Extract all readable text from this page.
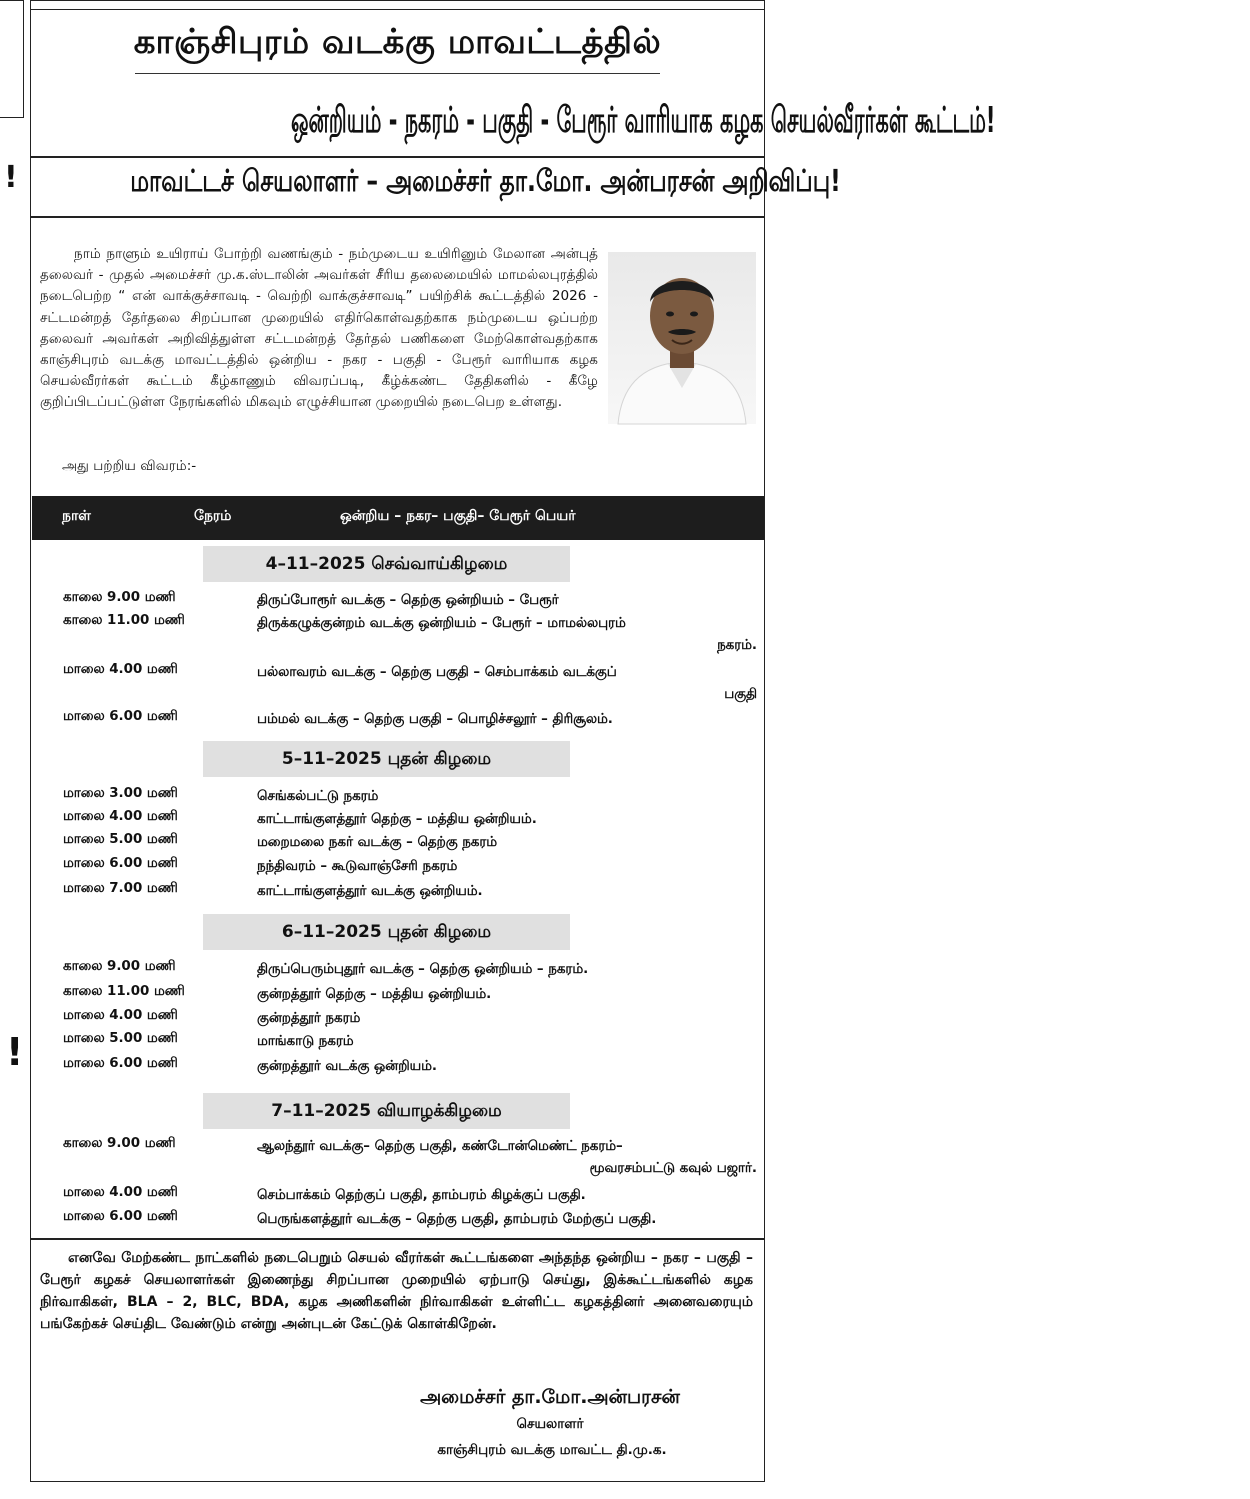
!
!
காஞ்சிபுரம் வடக்கு மாவட்டத்தில்
ஒன்றியம் - நகரம் - பகுதி - பேரூர் வாரியாக கழக செயல்வீரர்கள் கூட்டம்!
மாவட்டச் செயலாளர் – அமைச்சர் தா.மோ. அன்பரசன் அறிவிப்பு!

நாம் நாளும் உயிராய் போற்றி வணங்கும் - நம்முடைய உயிரினும் மேலான அன்புத் தலைவர் - முதல் அமைச்சர் மு.க.ஸ்டாலின் அவர்கள் சீரிய தலைமையில் மாமல்லபுரத்தில் நடைபெற்ற “ என் வாக்குச்சாவடி - வெற்றி வாக்குச்சாவடி” பயிற்சிக் கூட்டத்தில் 2026 - சட்டமன்றத் தேர்தலை சிறப்பான முறையில் எதிர்கொள்வதற்காக நம்முடைய ஒப்பற்ற தலைவர் அவர்கள் அறிவித்துள்ள சட்டமன்றத் தேர்தல் பணிகளை மேற்கொள்வதற்காக காஞ்சிபுரம் வடக்கு மாவட்டத்தில் ஒன்றிய - நகர - பகுதி - பேரூர் வாரியாக கழக செயல்வீரர்கள் கூட்டம் கீழ்காணும் விவரப்படி, கீழ்க்கண்ட தேதிகளில் - கீழே குறிப்பிடப்பட்டுள்ள நேரங்களில் மிகவும் எழுச்சியான முறையில் நடைபெற உள்ளது.

அது பற்றிய விவரம்:-
நாள்	நேரம்	ஒன்றிய – நகர– பகுதி– பேரூர் பெயர்
4–11–2025 செவ்வாய்கிழமை
காலை 9.00 மணி	திருப்போரூர் வடக்கு – தெற்கு ஒன்றியம் – பேரூர்
காலை 11.00 மணி	திருக்கழுக்குன்றம் வடக்கு ஒன்றியம் – பேரூர் – மாமல்லபுரம்
நகரம்.
மாலை 4.00 மணி	பல்லாவரம் வடக்கு – தெற்கு பகுதி – செம்பாக்கம் வடக்குப்
பகுதி
மாலை 6.00 மணி	பம்மல் வடக்கு – தெற்கு பகுதி – பொழிச்சலூர் – திரிசூலம்.
5–11–2025 புதன் கிழமை
மாலை 3.00 மணி	செங்கல்பட்டு நகரம்
மாலை 4.00 மணி	காட்டாங்குளத்தூர் தெற்கு – மத்திய ஒன்றியம்.
மாலை 5.00 மணி	மறைமலை நகர் வடக்கு – தெற்கு நகரம்
மாலை 6.00 மணி	நந்திவரம் – கூடுவாஞ்சேரி நகரம்
மாலை 7.00 மணி	காட்டாங்குளத்தூர் வடக்கு ஒன்றியம்.
6–11–2025 புதன் கிழமை
காலை 9.00 மணி	திருப்பெரும்புதூர் வடக்கு – தெற்கு ஒன்றியம் – நகரம்.
காலை 11.00 மணி	குன்றத்தூர் தெற்கு – மத்திய ஒன்றியம்.
மாலை 4.00 மணி	குன்றத்தூர் நகரம்
மாலை 5.00 மணி	மாங்காடு நகரம்
மாலை 6.00 மணி	குன்றத்தூர் வடக்கு ஒன்றியம்.
7–11–2025 வியாழக்கிழமை
காலை 9.00 மணி	ஆலந்தூர் வடக்கு– தெற்கு பகுதி, கண்டோன்மெண்ட் நகரம்–
மூவரசம்பட்டு கவுல் பஜார்.
மாலை 4.00 மணி	செம்பாக்கம் தெற்குப் பகுதி, தாம்பரம் கிழக்குப் பகுதி.
மாலை 6.00 மணி	பெருங்களத்தூர் வடக்கு – தெற்கு பகுதி, தாம்பரம் மேற்குப் பகுதி.

எனவே மேற்கண்ட நாட்களில் நடைபெறும் செயல் வீரர்கள் கூட்டங்களை அந்தந்த ஒன்றிய – நகர – பகுதி – பேரூர் கழகச் செயலாளர்கள் இணைந்து சிறப்பான முறையில் ஏற்பாடு செய்து, இக்கூட்டங்களில் கழக நிர்வாகிகள், BLA – 2, BLC, BDA, கழக அணிகளின் நிர்வாகிகள் உள்ளிட்ட கழகத்தினர் அனைவரையும் பங்கேற்கச் செய்திட வேண்டும் என்று அன்புடன் கேட்டுக் கொள்கிறேன்.

அமைச்சர் தா.மோ.அன்பரசன்
செயலாளர்
காஞ்சிபுரம் வடக்கு மாவட்ட தி.மு.க.
